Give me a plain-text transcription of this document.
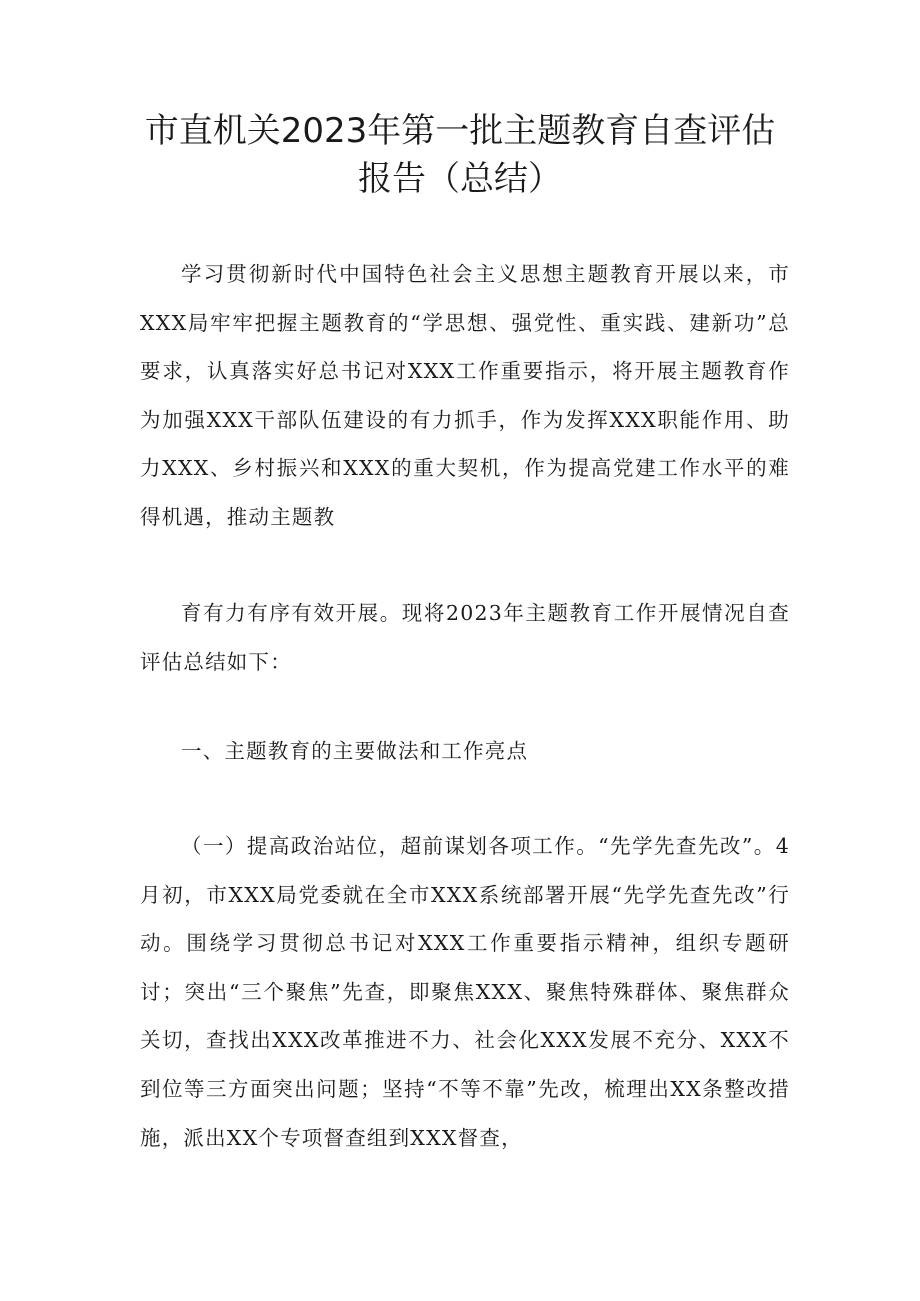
市直机关2023年第一批主题教育自查评估
报告（总结）

学习贯彻新时代中国特色社会主义思想主题教育开展以来，市XXX局牢牢把握主题教育的“学思想、强党性、重实践、建新功”总要求，认真落实好总书记对XXX工作重要指示，将开展主题教育作为加强XXX干部队伍建设的有力抓手，作为发挥XXX职能作用、助力XXX、乡村振兴和XXX的重大契机，作为提高党建工作水平的难得机遇，推动主题教

育有力有序有效开展。现将2023年主题教育工作开展情况自查评估总结如下：

一、主题教育的主要做法和工作亮点

（一）提高政治站位，超前谋划各项工作。“先学先查先改”。4月初，市XXX局党委就在全市XXX系统部署开展“先学先查先改”行动。围绕学习贯彻总书记对XXX工作重要指示精神，组织专题研讨；突出“三个聚焦”先查，即聚焦XXX、聚焦特殊群体、聚焦群众关切，查找出XXX改革推进不力、社会化XXX发展不充分、XXX不到位等三方面突出问题；坚持“不等不靠”先改，梳理出XX条整改措施，派出XX个专项督查组到XXX督查，
